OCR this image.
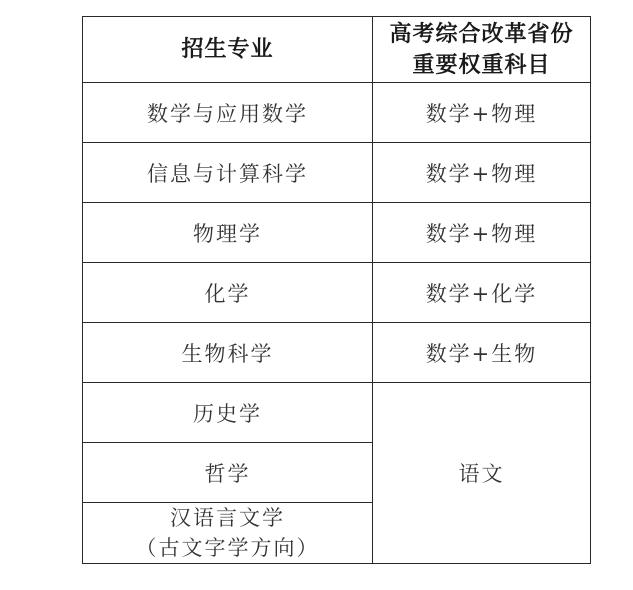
招生专业	高考综合改革省份
重要权重科目

数学与应用数学	数学+物理
信息与计算科学	数学+物理
物理学	数学+物理
化学	数学+化学
生物科学	数学+生物
历史学	语文
哲学	

汉语言文学
（古文字学方向）	
